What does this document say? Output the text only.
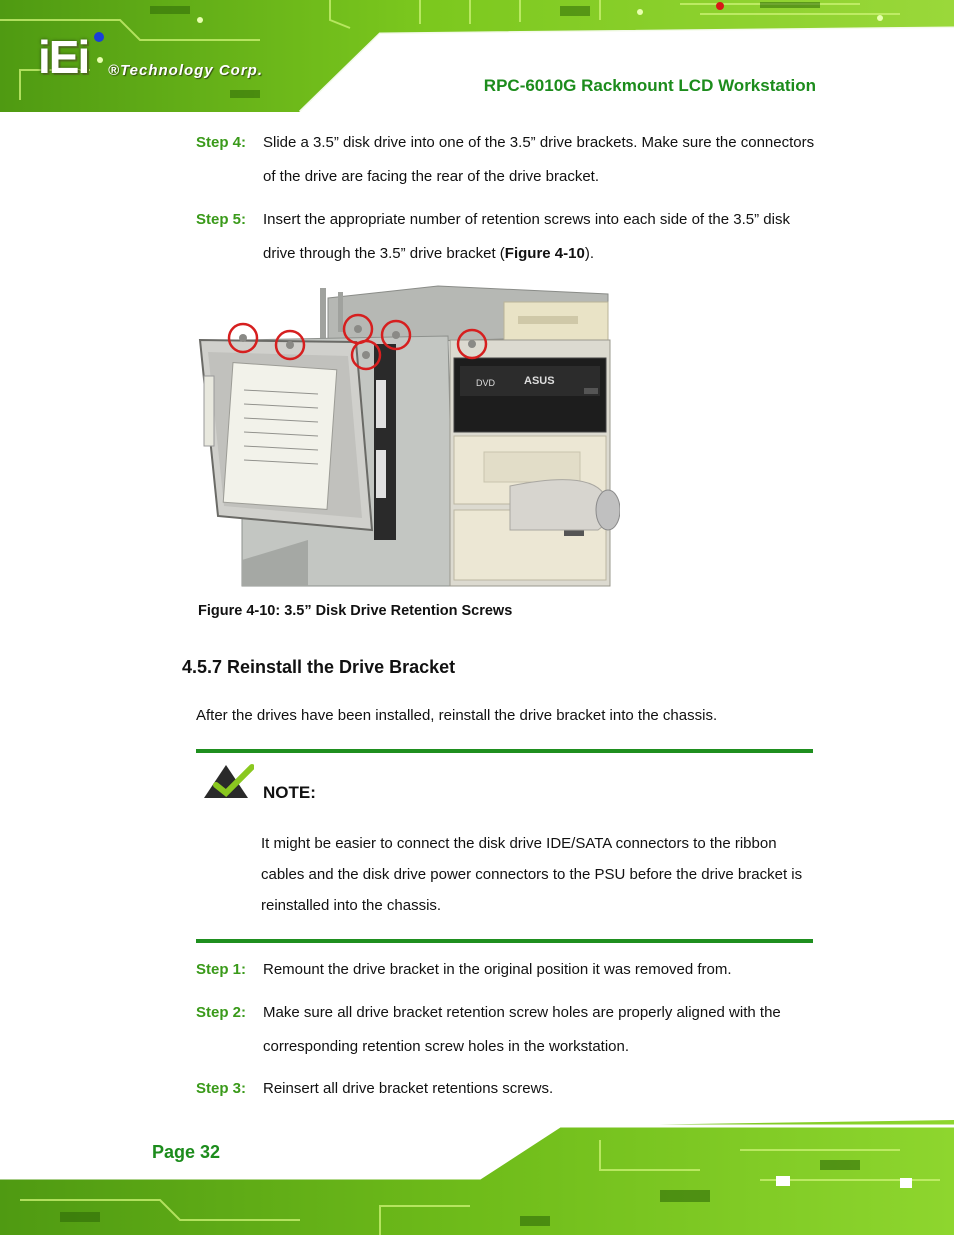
iEi ®Technology Corp.
RPC-6010G Rackmount LCD Workstation
Step 4: Slide a 3.5” disk drive into one of the 3.5” drive brackets. Make sure the connectors of the drive are facing the rear of the drive bracket.
Step 5: Insert the appropriate number of retention screws into each side of the 3.5” disk drive through the 3.5” drive bracket (Figure 4-10).
DVD	ASUS
Figure 4-10: 3.5” Disk Drive Retention Screws
4.5.7 Reinstall the Drive Bracket
After the drives have been installed, reinstall the drive bracket into the chassis.
NOTE:
It might be easier to connect the disk drive IDE/SATA connectors to the ribbon cables and the disk drive power connectors to the PSU before the drive bracket is reinstalled into the chassis.
Step 1: Remount the drive bracket in the original position it was removed from.
Step 2: Make sure all drive bracket retention screw holes are properly aligned with the corresponding retention screw holes in the workstation.
Step 3: Reinsert all drive bracket retentions screws.
Page 32
